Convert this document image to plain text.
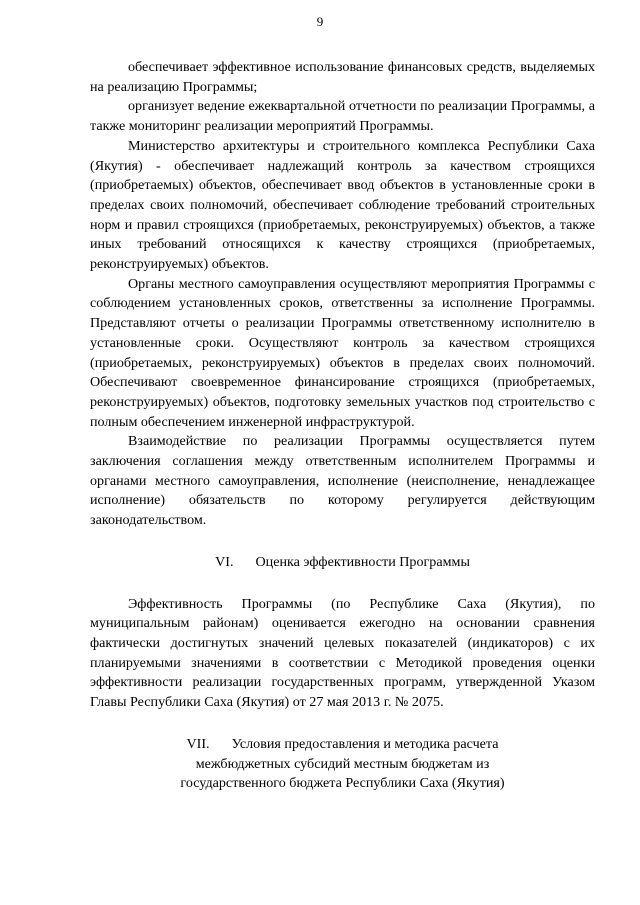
9

обеспечивает эффективное использование финансовых средств, выделяемых на реализацию Программы;

организует ведение ежеквартальной отчетности по реализации Программы, а также мониторинг реализации мероприятий Программы.

Министерство архитектуры и строительного комплекса Республики Саха (Якутия) - обеспечивает надлежащий контроль за качеством строящихся (приобретаемых) объектов, обеспечивает ввод объектов в установленные сроки в пределах своих полномочий, обеспечивает соблюдение требований строительных норм и правил строящихся (приобретаемых, реконструируемых) объектов, а также иных требований относящихся к качеству строящихся (приобретаемых, реконструируемых) объектов.

Органы местного самоуправления осуществляют мероприятия Программы с соблюдением установленных сроков, ответственны за исполнение Программы. Представляют отчеты о реализации Программы ответственному исполнителю в установленные сроки. Осуществляют контроль за качеством строящихся (приобретаемых, реконструируемых) объектов в пределах своих полномочий. Обеспечивают своевременное финансирование строящихся (приобретаемых, реконструируемых) объектов, подготовку земельных участков под строительство с полным обеспечением инженерной инфраструктурой.

Взаимодействие по реализации Программы осуществляется путем заключения соглашения между ответственным исполнителем Программы и органами местного самоуправления, исполнение (неисполнение, ненадлежащее исполнение) обязательств по которому регулируется действующим законодательством.

VI. Оценка эффективности Программы

Эффективность Программы (по Республике Саха (Якутия), по муниципальным районам) оценивается ежегодно на основании сравнения фактически достигнутых значений целевых показателей (индикаторов) с их планируемыми значениями в соответствии с Методикой проведения оценки эффективности реализации государственных программ, утвержденной Указом Главы Республики Саха (Якутия) от 27 мая 2013 г. № 2075.

VII. Условия предоставления и методика расчета
межбюджетных субсидий местным бюджетам из
государственного бюджета Республики Саха (Якутия)
